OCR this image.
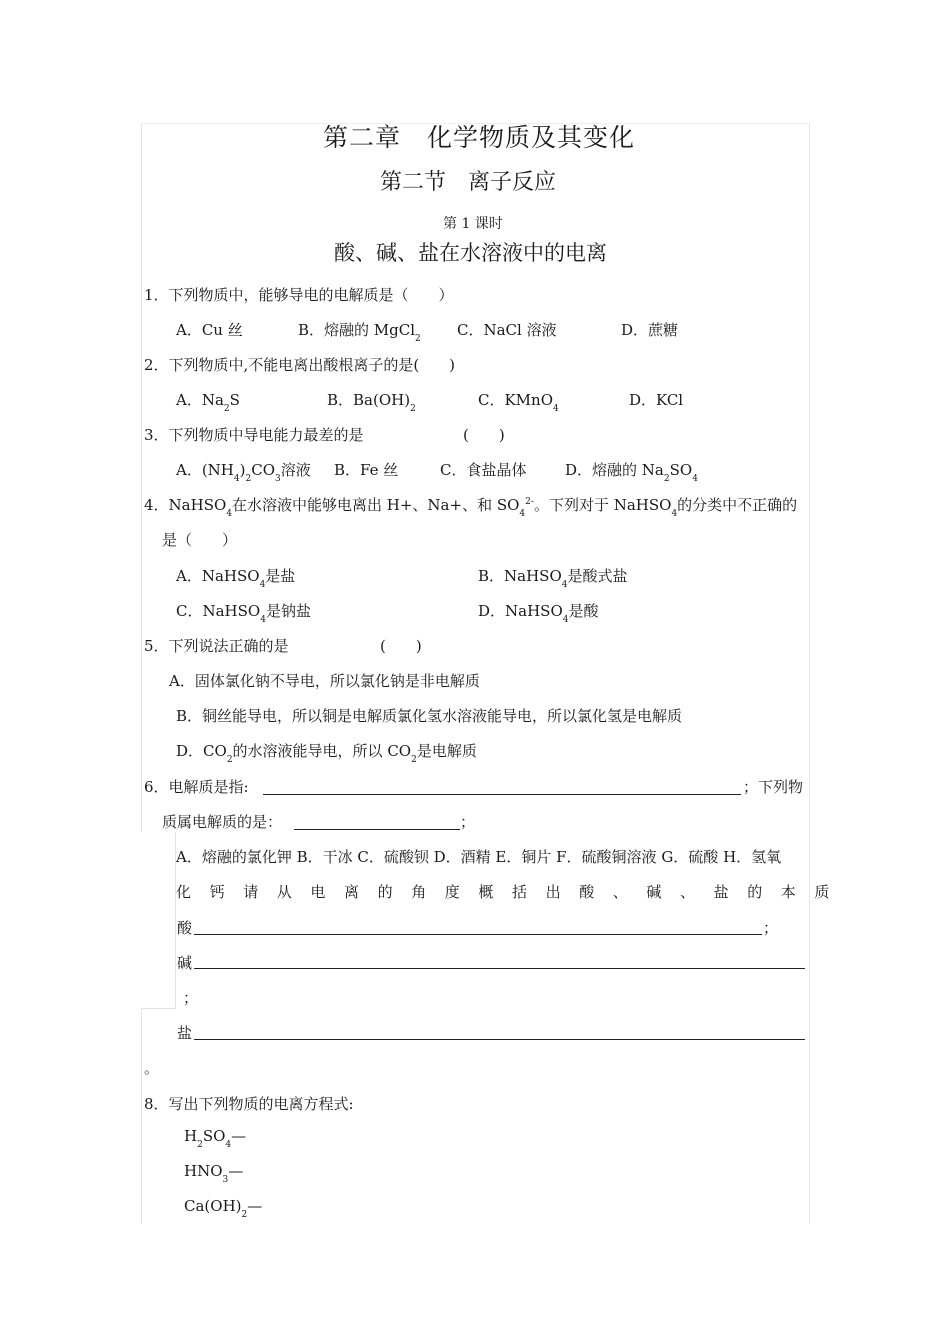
第二章　化学物质及其变化
第二节　离子反应
第 1 课时
酸、碱、盐在水溶液中的电离
1．下列物质中，能够导电的电解质是（　　）
A．Cu 丝	B．熔融的 MgCl$_2$ C．NaCl 溶液	D．蔗糖
2．下列物质中,不能电离出酸根离子的是(　　)
A．$Na_2S$	B．$Ba(OH)_2$	C．KMnO$_4$	D．KCl
3．下列物质中导电能力最差的是	(　　)
A．$(NH_4)_2CO_3$溶液 B．Fe 丝	C．食盐晶体	D．熔融的 $Na_2SO_4$
4．NaHSO$_4$在水溶液中能够电离出 H+、Na+、和 $SO_4^{2-}$。下列对于 NaHSO$_4$的分类中不正确的
是（　　）
A．NaHSO$_4$是盐	B．NaHSO$_4$是酸式盐
C．NaHSO$_4$是钠盐	D．NaHSO$_4$是酸
5．下列说法正确的是	(　　)
A．固体氯化钠不导电，所以氯化钠是非电解质
B．铜丝能导电，所以铜是电解质氯化氢水溶液能导电，所以氯化氢是电解质
D．$CO_2$的水溶液能导电，所以 $CO_2$是电解质
6．电解质是指:	；下列物
质属电解质的是：	；
A．熔融的氯化钾 B．干冰 C．硫酸钡 D．酒精 E．铜片 F．硫酸铜溶液 G．硫酸 H．氢氧
化钙请从电离的角度概括出酸、碱、盐的本质
酸	；
碱
；
盐
。
8．写出下列物质的电离方程式:
$H_2SO_4—$
$HNO_3—$
$Ca(OH)_2—$
